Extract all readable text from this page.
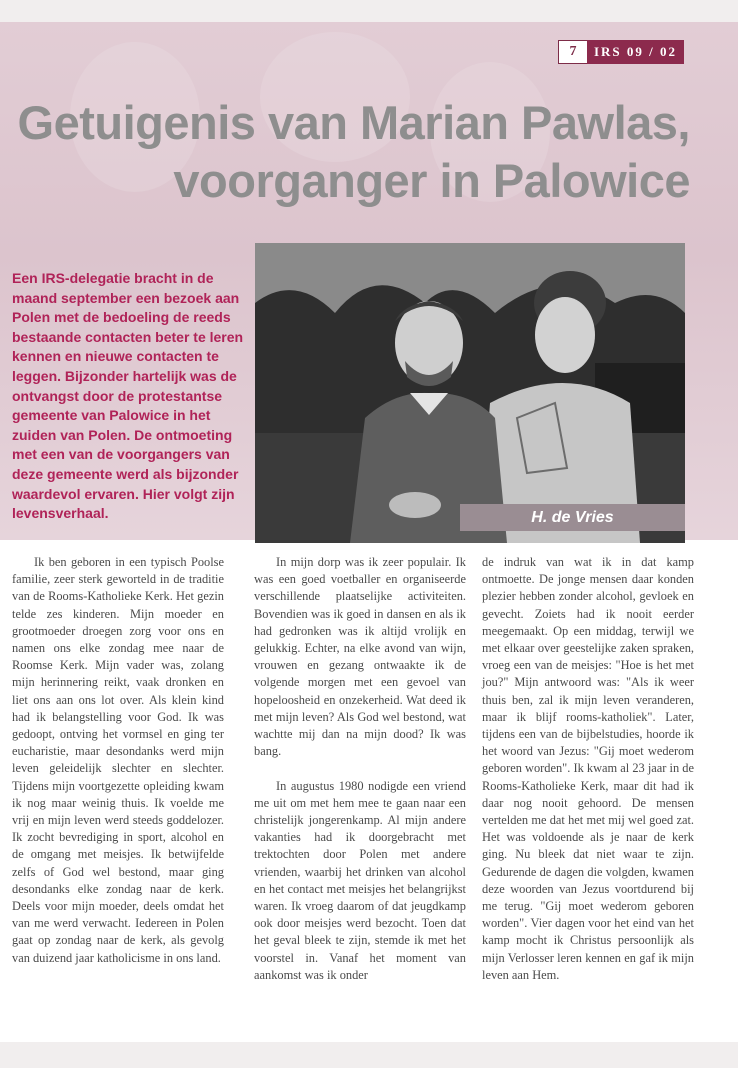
7	IRS 09 / 02
Getuigenis van Marian Pawlas,
voorganger in Palowice
Een IRS-delegatie bracht in de maand september een bezoek aan Polen met de bedoeling de reeds bestaande contacten beter te leren kennen en nieuwe contacten te leggen. Bijzonder hartelijk was de ontvangst door de protestantse gemeente van Palowice in het zuiden van Polen. De ontmoeting met een van de voorgangers van deze gemeente werd als bijzonder waardevol ervaren. Hier volgt zijn levensverhaal.	H. de Vries

Ik ben geboren in een typisch Poolse familie, zeer sterk geworteld in de traditie van de Rooms-Katholieke Kerk. Het gezin telde zes kinderen. Mijn moeder en grootmoeder droegen zorg voor ons en namen ons elke zondag mee naar de Roomse Kerk. Mijn vader was, zolang mijn herinnering reikt, vaak dronken en liet ons aan ons lot over. Als klein kind had ik belangstelling voor God. Ik was gedoopt, ontving het vormsel en ging ter eucharistie, maar desondanks werd mijn leven geleidelijk slechter en slechter. Tijdens mijn voortgezette opleiding kwam ik nog maar weinig thuis. Ik voelde me vrij en mijn leven werd steeds goddelozer. Ik zocht bevrediging in sport, alcohol en de omgang met meisjes. Ik betwijfelde zelfs of God wel bestond, maar ging desondanks elke zondag naar de kerk. Deels voor mijn moeder, deels omdat het van me werd verwacht. Iedereen in Polen gaat op zondag naar de kerk, als gevolg van duizend jaar katholicisme in ons land.

In mijn dorp was ik zeer populair. Ik was een goed voetballer en organiseerde verschillende plaatselijke activiteiten. Bovendien was ik goed in dansen en als ik had gedronken was ik altijd vrolijk en gelukkig. Echter, na elke avond van wijn, vrouwen en gezang ontwaakte ik de volgende morgen met een gevoel van hopeloosheid en onzekerheid. Wat deed ik met mijn leven? Als God wel bestond, wat wachtte mij dan na mijn dood? Ik was bang.

In augustus 1980 nodigde een vriend me uit om met hem mee te gaan naar een christelijk jongerenkamp. Al mijn andere vakanties had ik doorgebracht met trektochten door Polen met andere vrienden, waarbij het drinken van alcohol en het contact met meisjes het belangrijkst waren. Ik vroeg daarom of dat jeugdkamp ook door meisjes werd bezocht. Toen dat het geval bleek te zijn, stemde ik met het voorstel in. Vanaf het moment van aankomst was ik onder

de indruk van wat ik in dat kamp ontmoette. De jonge mensen daar konden plezier hebben zonder alcohol, gevloek en gevecht. Zoiets had ik nooit eerder meegemaakt. Op een middag, terwijl we met elkaar over geestelijke zaken spraken, vroeg een van de meisjes: "Hoe is het met jou?" Mijn antwoord was: "Als ik weer thuis ben, zal ik mijn leven veranderen, maar ik blijf rooms-katholiek". Later, tijdens een van de bijbelstudies, hoorde ik het woord van Jezus: "Gij moet wederom geboren worden". Ik kwam al 23 jaar in de Rooms-Katholieke Kerk, maar dit had ik daar nog nooit gehoord. De mensen vertelden me dat het met mij wel goed zat. Het was voldoende als je naar de kerk ging. Nu bleek dat niet waar te zijn. Gedurende de dagen die volgden, kwamen deze woorden van Jezus voortdurend bij me terug. "Gij moet wederom geboren worden". Vier dagen voor het eind van het kamp mocht ik Christus persoonlijk als mijn Verlosser leren kennen en gaf ik mijn leven aan Hem.
